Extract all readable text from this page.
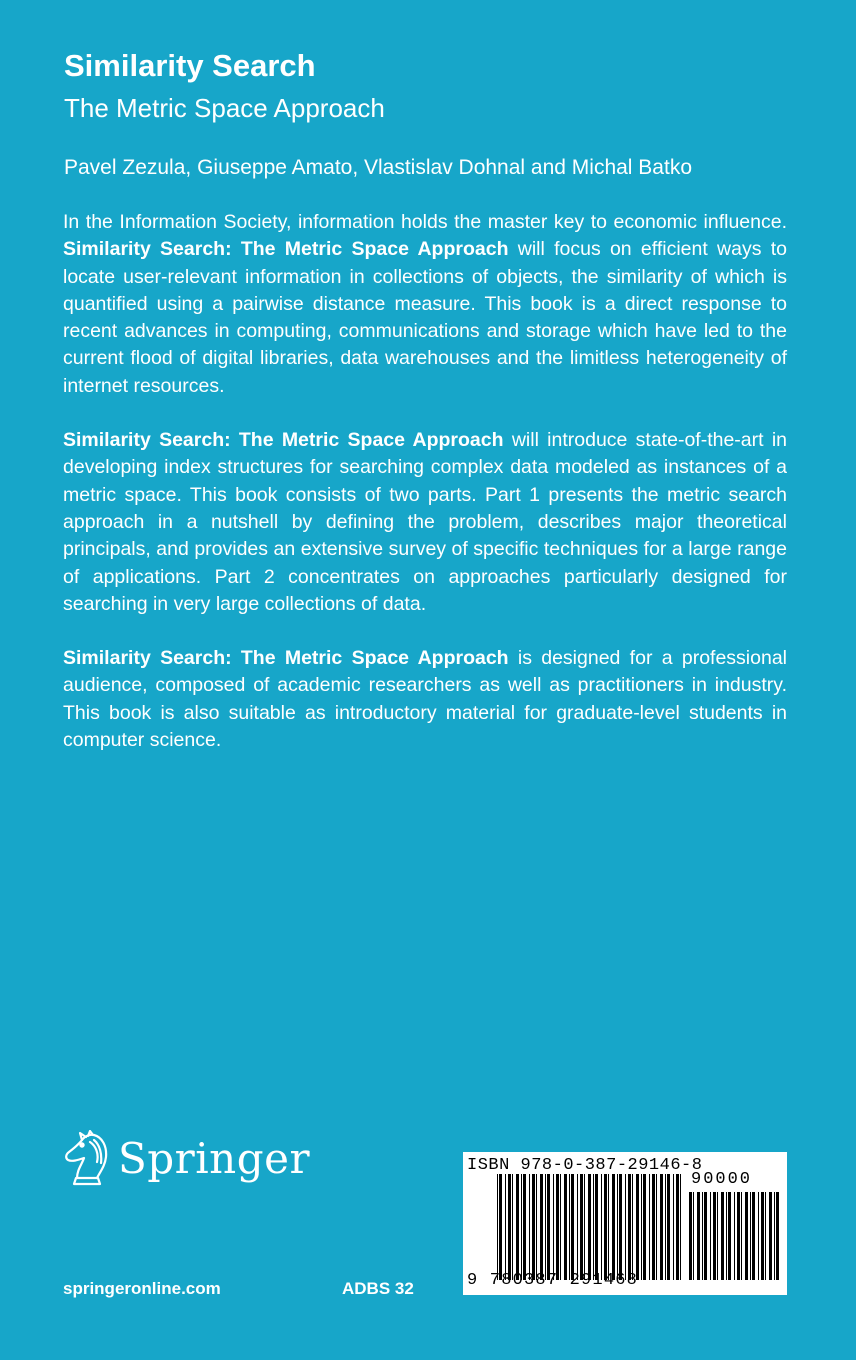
Similarity Search
The Metric Space Approach
Pavel Zezula, Giuseppe Amato, Vlastislav Dohnal and Michal Batko

In the Information Society, information holds the master key to economic influence. Similarity Search: The Metric Space Approach will focus on efficient ways to locate user-relevant information in collections of objects, the similarity of which is quantified using a pairwise distance measure. This book is a direct response to recent advances in computing, communications and storage which have led to the current flood of digital libraries, data warehouses and the limitless heterogeneity of internet resources.

Similarity Search: The Metric Space Approach will introduce state-of-the-art in developing index structures for searching complex data modeled as instances of a metric space. This book consists of two parts. Part 1 presents the metric search approach in a nutshell by defining the problem, describes major theoretical principals, and provides an extensive survey of specific techniques for a large range of applications. Part 2 concentrates on approaches particularly designed for searching in very large collections of data.

Similarity Search: The Metric Space Approach is designed for a professional audience, composed of academic researchers as well as practitioners in industry. This book is also suitable as introductory material for graduate-level students in computer science.

Springer
springeronline.com	ADBS 32
ISBN 978-0-387-29146-8
90000
9 780387 291468
